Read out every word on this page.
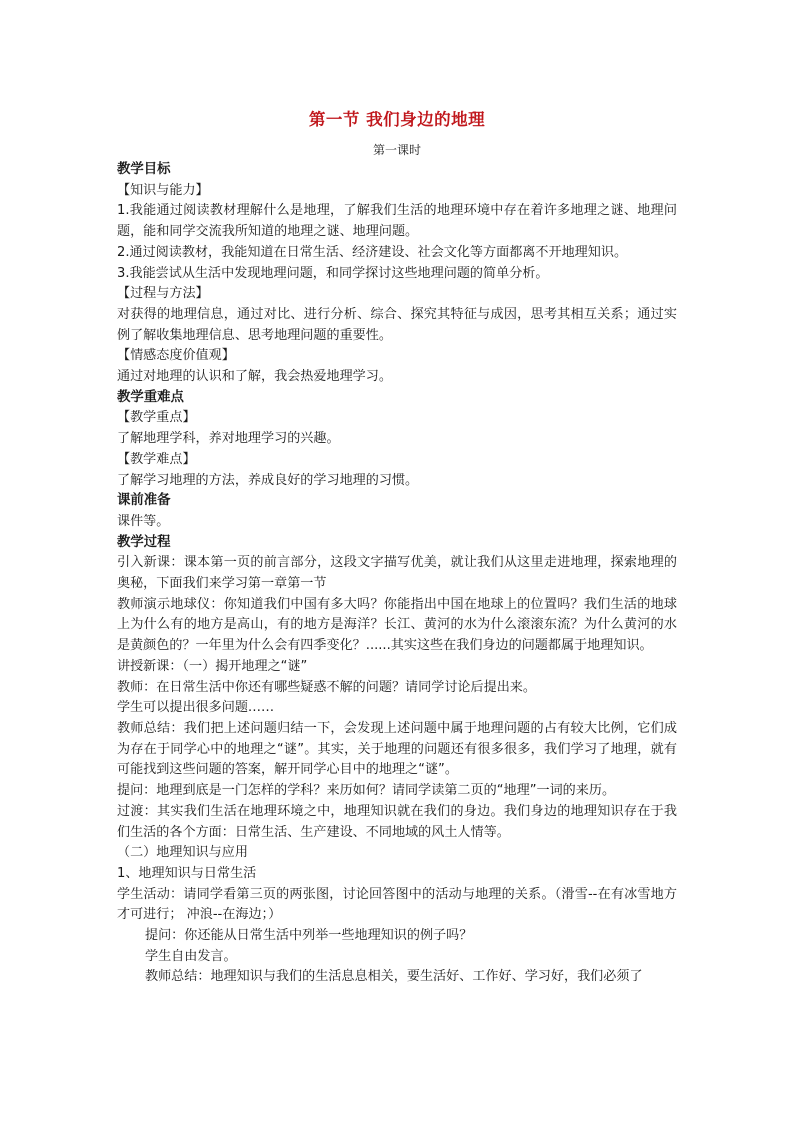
第一节 我们身边的地理
第一课时

教学目标

【知识与能力】

1.我能通过阅读教材理解什么是地理，了解我们生活的地理环境中存在着许多地理之谜、地理问题，能和同学交流我所知道的地理之谜、地理问题。

2.通过阅读教材，我能知道在日常生活、经济建设、社会文化等方面都离不开地理知识。

3.我能尝试从生活中发现地理问题，和同学探讨这些地理问题的简单分析。

【过程与方法】

对获得的地理信息，通过对比、进行分析、综合、探究其特征与成因，思考其相互关系；通过实例了解收集地理信息、思考地理问题的重要性。

【情感态度价值观】

通过对地理的认识和了解，我会热爱地理学习。

教学重难点

【教学重点】

了解地理学科，养对地理学习的兴趣。

【教学难点】

了解学习地理的方法，养成良好的学习地理的习惯。

课前准备

课件等。

教学过程

引入新课：课本第一页的前言部分，这段文字描写优美，就让我们从这里走进地理，探索地理的奥秘，下面我们来学习第一章第一节

教师演示地球仪：你知道我们中国有多大吗？你能指出中国在地球上的位置吗？我们生活的地球上为什么有的地方是高山，有的地方是海洋？长江、黄河的水为什么滚滚东流？为什么黄河的水是黄颜色的？一年里为什么会有四季变化？......其实这些在我们身边的问题都属于地理知识。

讲授新课：（一）揭开地理之“谜”

教师：在日常生活中你还有哪些疑惑不解的问题？请同学讨论后提出来。

学生可以提出很多问题……

教师总结：我们把上述问题归结一下，会发现上述问题中属于地理问题的占有较大比例，它们成为存在于同学心中的地理之“谜”。其实，关于地理的问题还有很多很多，我们学习了地理，就有可能找到这些问题的答案，解开同学心目中的地理之“谜”。

提问：地理到底是一门怎样的学科？来历如何？请同学读第二页的“地理”一词的来历。

过渡：其实我们生活在地理环境之中，地理知识就在我们的身边。我们身边的地理知识存在于我们生活的各个方面：日常生活、生产建设、不同地域的风土人情等。

（二）地理知识与应用

1、地理知识与日常生活

学生活动：请同学看第三页的两张图，讨论回答图中的活动与地理的关系。（滑雪--在有冰雪地方才可进行； 冲浪--在海边；）

提问：你还能从日常生活中列举一些地理知识的例子吗？

学生自由发言。

教师总结：地理知识与我们的生活息息相关，要生活好、工作好、学习好，我们必须了
